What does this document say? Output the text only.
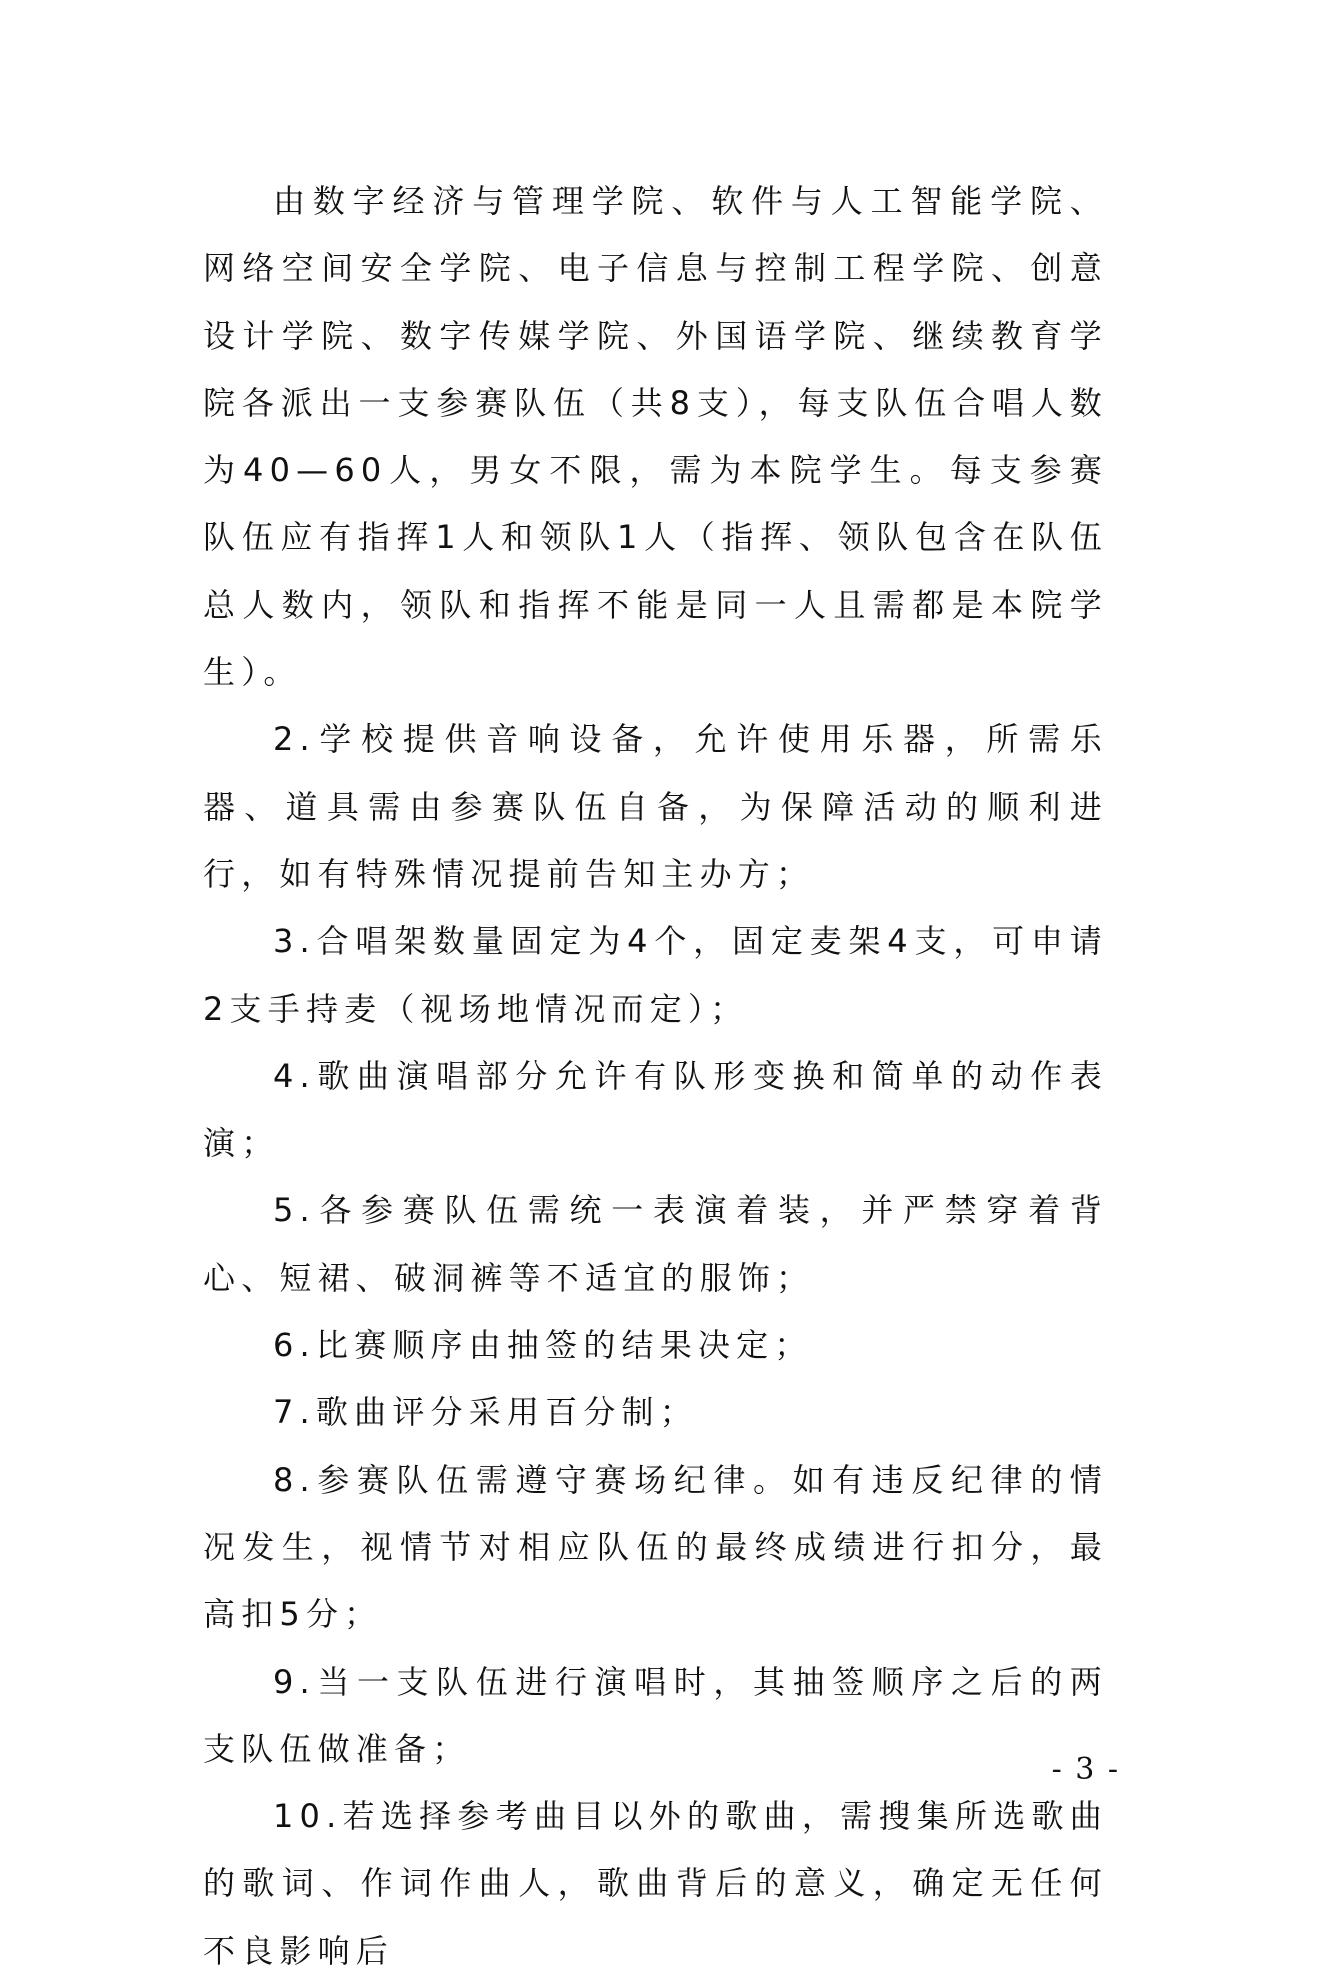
由数字经济与管理学院、软件与人工智能学院、网络空间安全学院、电子信息与控制工程学院、创意设计学院、数字传媒学院、外国语学院、继续教育学院各派出一支参赛队伍（共8支），每支队伍合唱人数为40—60人，男女不限，需为本院学生。每支参赛队伍应有指挥1人和领队1人（指挥、领队包含在队伍总人数内，领队和指挥不能是同一人且需都是本院学生）。

2.学校提供音响设备，允许使用乐器，所需乐器、道具需由参赛队伍自备，为保障活动的顺利进行，如有特殊情况提前告知主办方；

3.合唱架数量固定为4个，固定麦架4支，可申请2支手持麦（视场地情况而定）；

4.歌曲演唱部分允许有队形变换和简单的动作表演；

5.各参赛队伍需统一表演着装，并严禁穿着背心、短裙、破洞裤等不适宜的服饰；

6.比赛顺序由抽签的结果决定；

7.歌曲评分采用百分制；

8.参赛队伍需遵守赛场纪律。如有违反纪律的情况发生，视情节对相应队伍的最终成绩进行扣分，最高扣5分；

9.当一支队伍进行演唱时，其抽签顺序之后的两支队伍做准备；

10.若选择参考曲目以外的歌曲，需搜集所选歌曲的歌词、作词作曲人，歌曲背后的意义，确定无任何不良影响后

- 3 -
